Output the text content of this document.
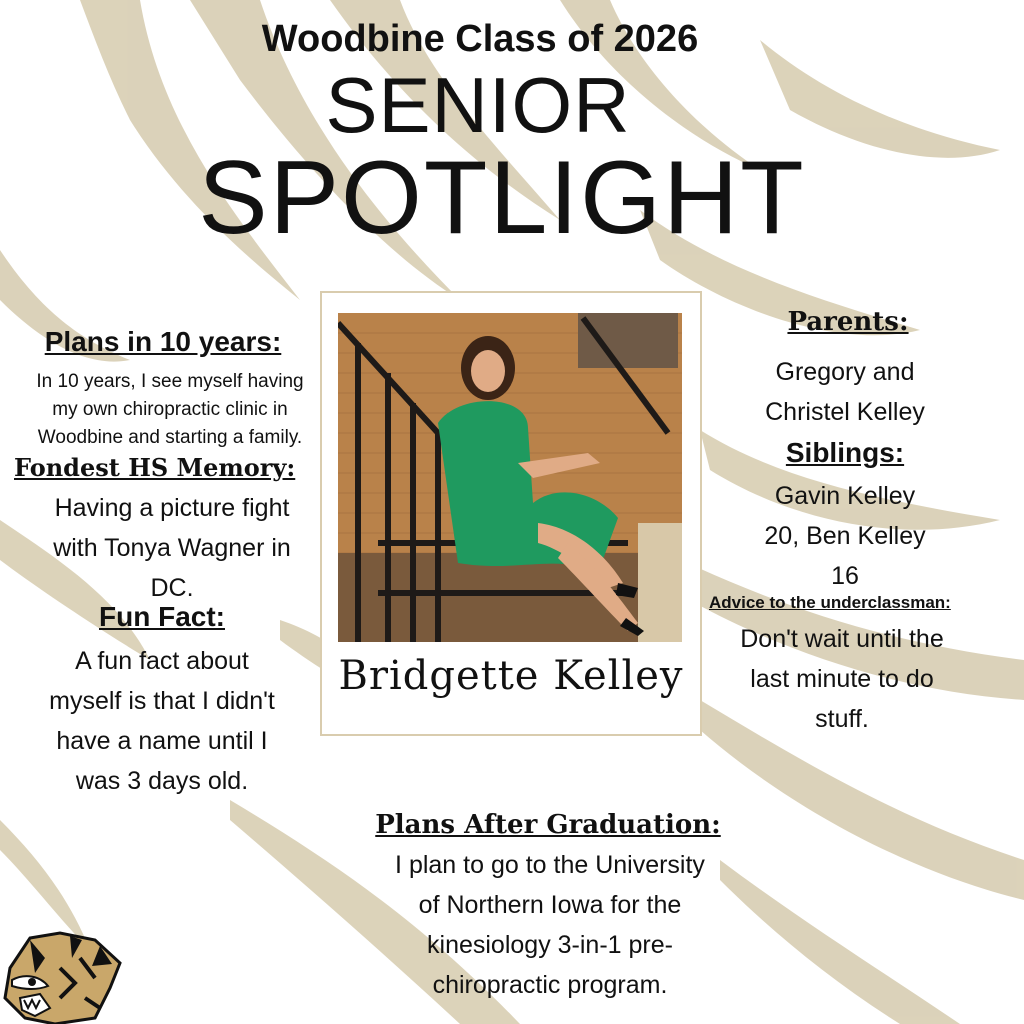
Woodbine Class of 2026
SENIOR
SPOTLIGHT
Plans in 10 years:
In 10 years, I see myself having
my own chiropractic clinic in
Woodbine and starting a family.
Fondest HS Memory:
Having a picture fight
with Tonya Wagner in
DC.
Fun Fact:
A fun fact about
myself is that I didn't
have a name until I
was 3 days old.
Bridgette Kelley
Parents:
Gregory and
Christel Kelley
Siblings:
Gavin Kelley
20, Ben Kelley
16
Advice to the underclassman:
Don't wait until the
last minute to do
stuff.
Plans After Graduation:
I plan to go to the University
of Northern Iowa for the
kinesiology 3-in-1 pre-
chiropractic program.
